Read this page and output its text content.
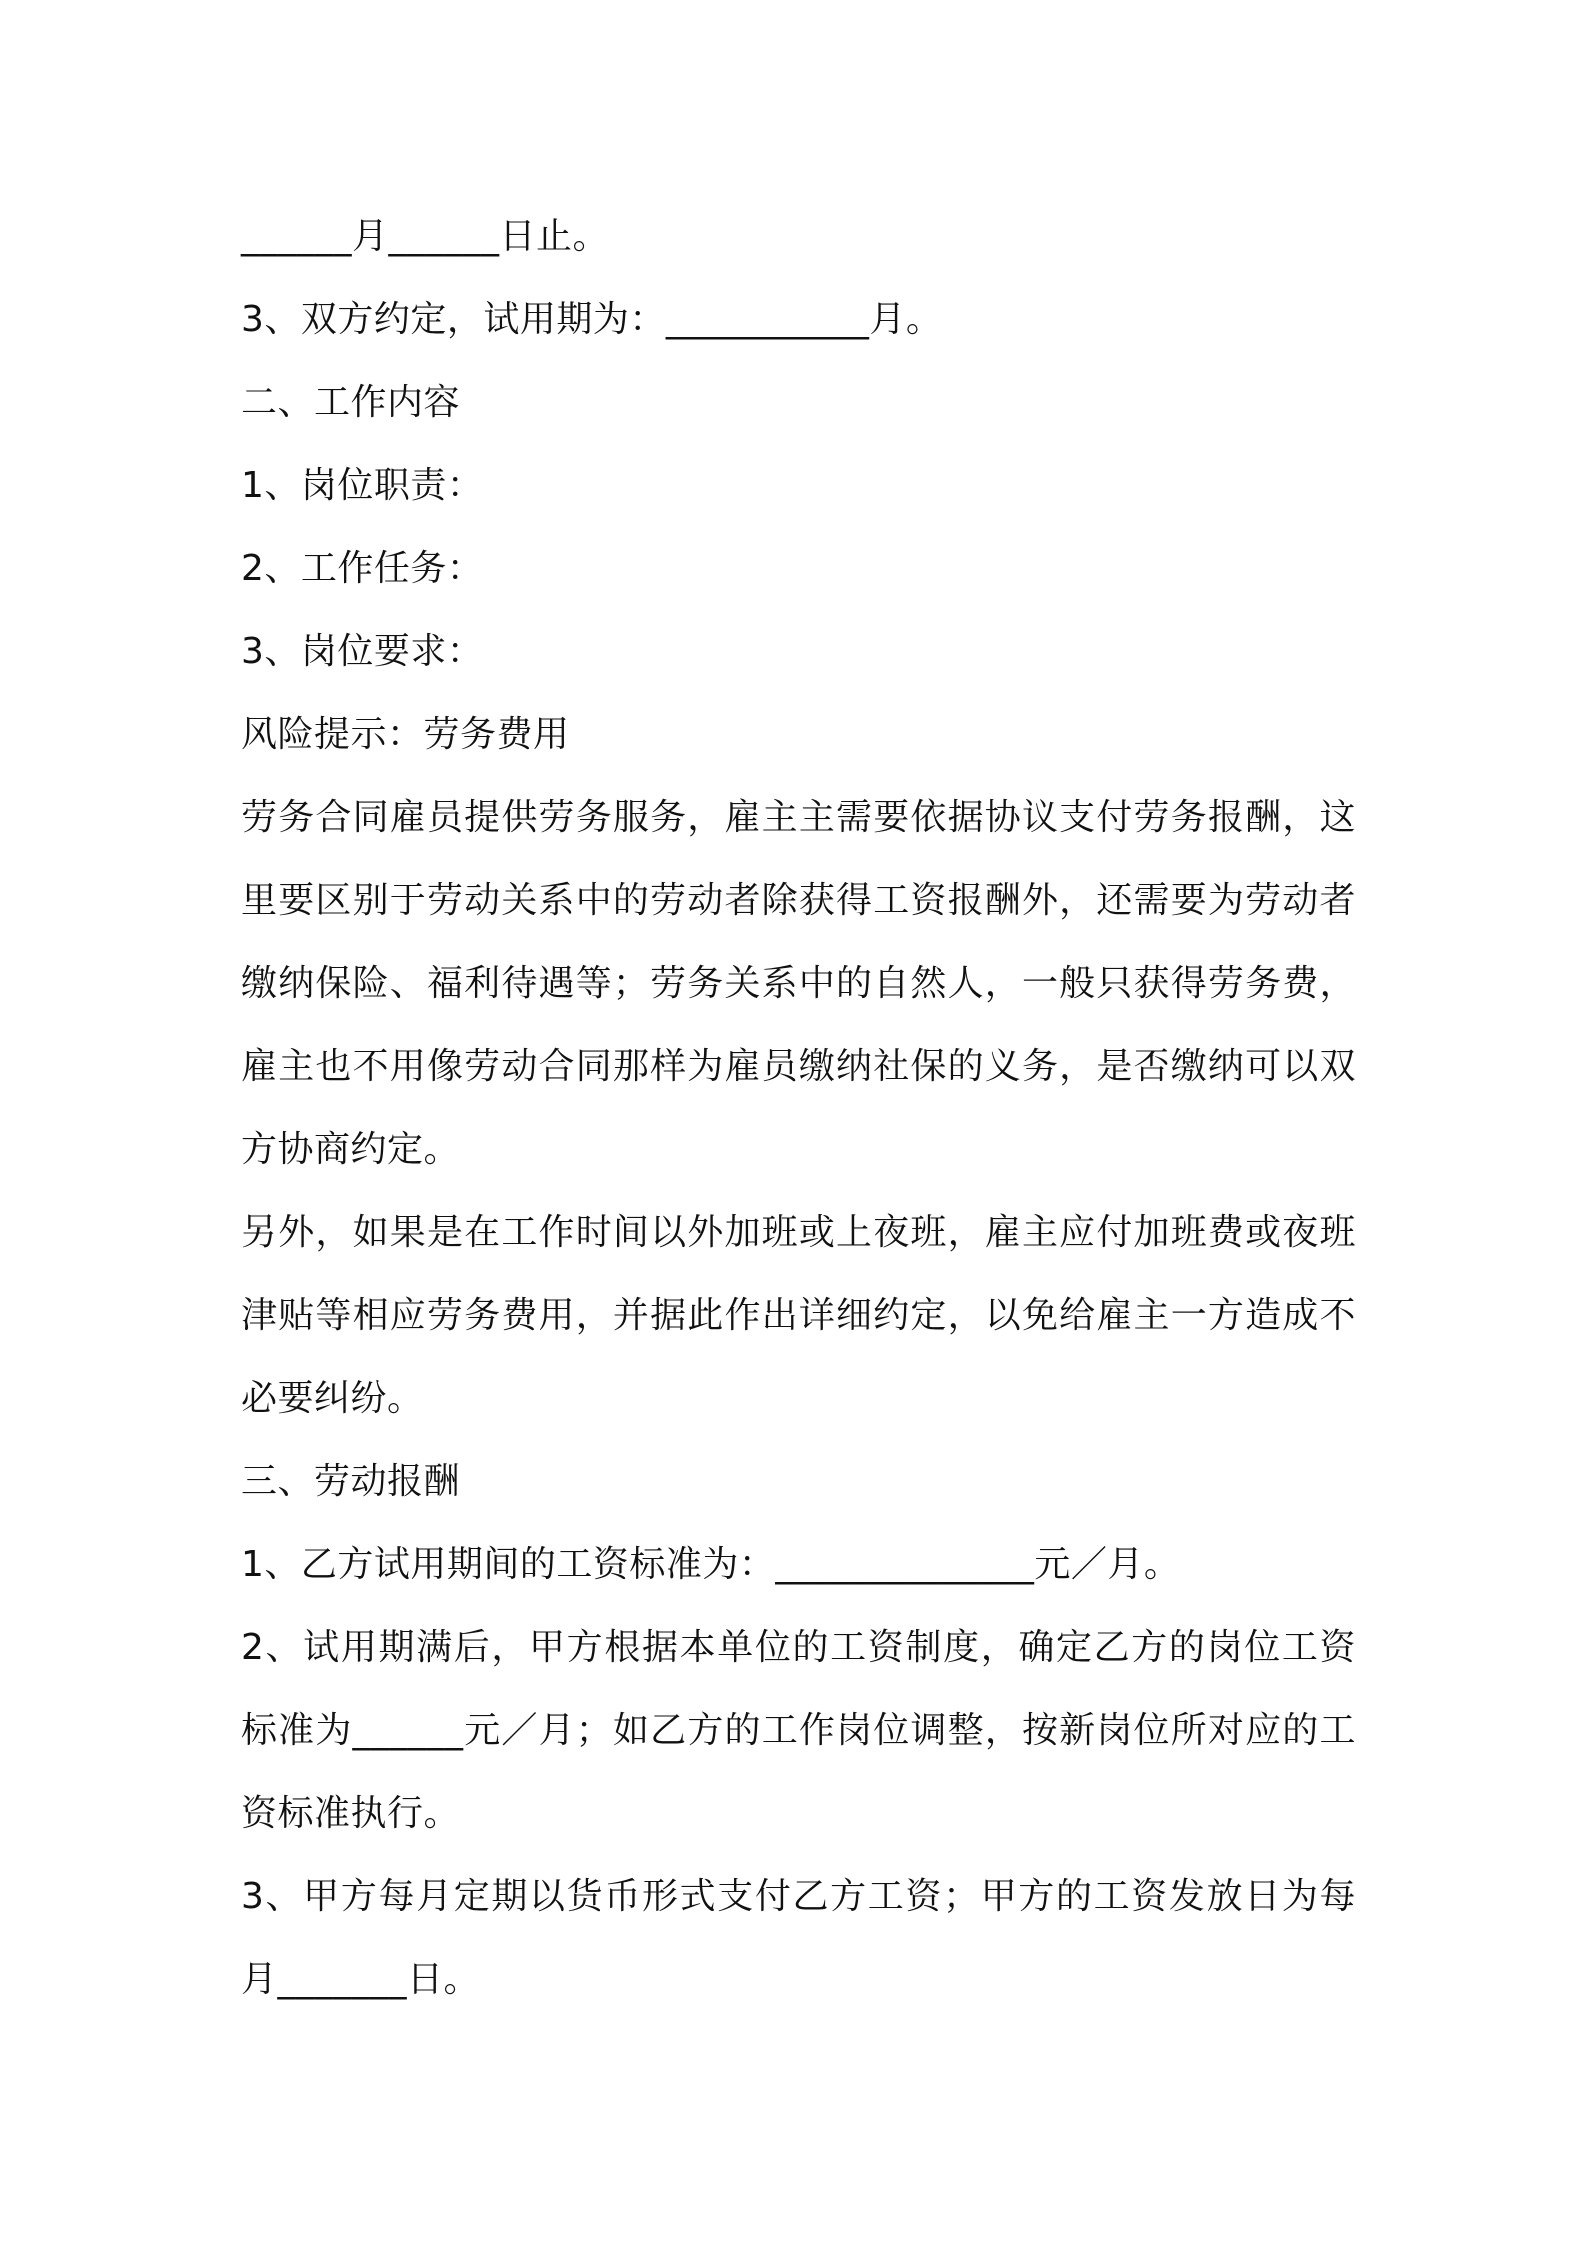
______月______日止。
3、双方约定，试用期为：___________月。
二、工作内容
1、岗位职责：
2、工作任务：
3、岗位要求：
风险提示：劳务费用

劳务合同雇员提供劳务服务，雇主主需要依据协议支付劳务报酬，这里要区别于劳动关系中的劳动者除获得工资报酬外，还需要为劳动者缴纳保险、福利待遇等；劳务关系中的自然人，一般只获得劳务费，雇主也不用像劳动合同那样为雇员缴纳社保的义务，是否缴纳可以双方协商约定。

另外，如果是在工作时间以外加班或上夜班，雇主应付加班费或夜班津贴等相应劳务费用，并据此作出详细约定，以免给雇主一方造成不必要纠纷。

三、劳动报酬

1、乙方试用期间的工资标准为：______________元／月。

2、试用期满后，甲方根据本单位的工资制度，确定乙方的岗位工资标准为______元／月；如乙方的工作岗位调整，按新岗位所对应的工资标准执行。

3、甲方每月定期以货币形式支付乙方工资；甲方的工资发放日为每月_______日。
